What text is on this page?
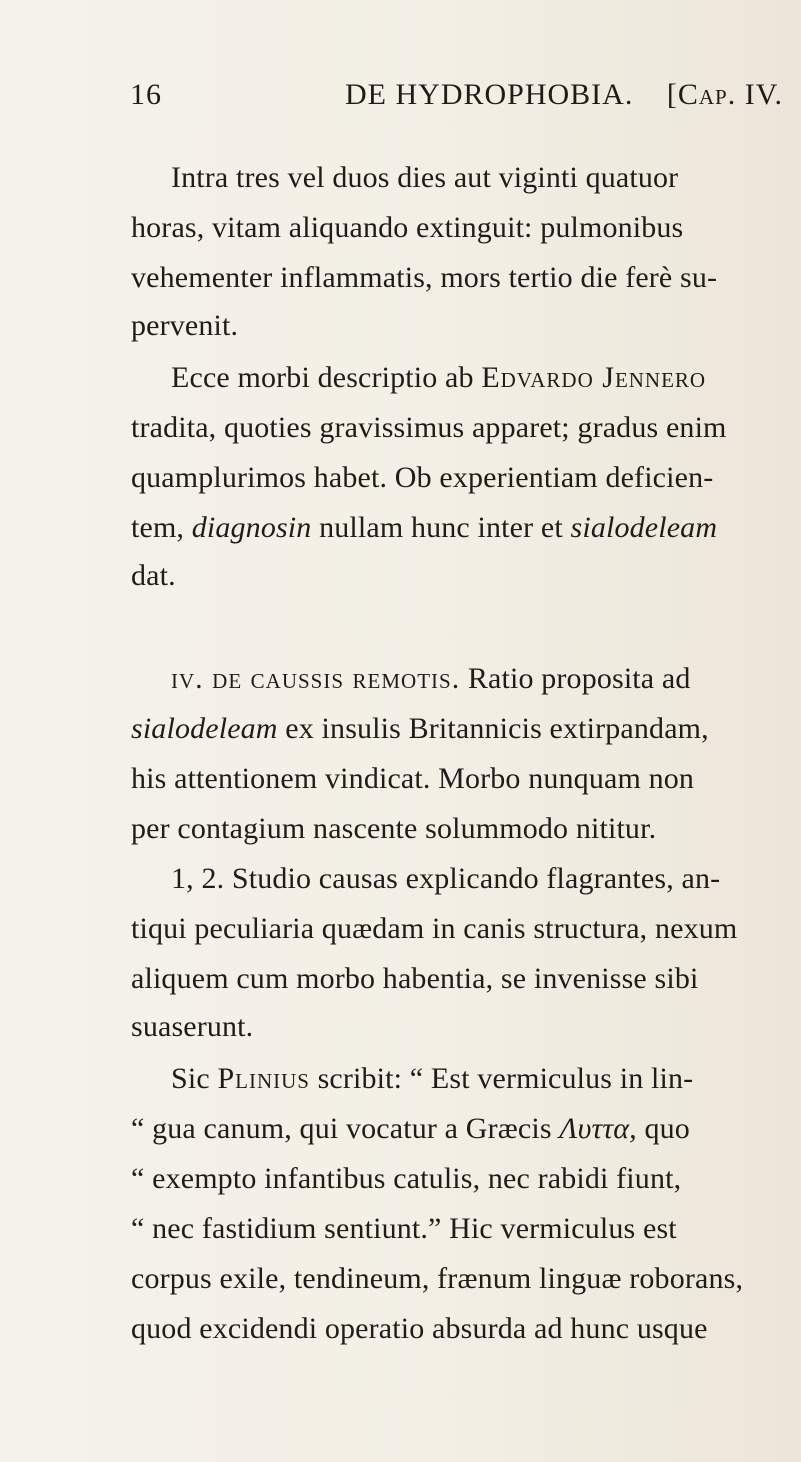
16	DE HYDROPHOBIA. [Cap. IV.
Intra tres vel duos dies aut viginti quatuor
horas, vitam aliquando extinguit: pulmonibus
vehementer inflammatis, mors tertio die ferè su-
pervenit.
Ecce morbi descriptio ab Edvardo Jennero
tradita, quoties gravissimus apparet; gradus enim
quamplurimos habet. Ob experientiam deficien-
tem, diagnosin nullam hunc inter et sialodeleam
dat.
iv. de caussis remotis. Ratio proposita ad
sialodeleam ex insulis Britannicis extirpandam,
his attentionem vindicat. Morbo nunquam non
per contagium nascente solummodo nititur.
1, 2. Studio causas explicando flagrantes, an-
tiqui peculiaria quædam in canis structura, nexum
aliquem cum morbo habentia, se invenisse sibi
suaserunt.
Sic Plinius scribit: “ Est vermiculus in lin-
“ gua canum, qui vocatur a Græcis Λυττα, quo
“ exempto infantibus catulis, nec rabidi fiunt,
“ nec fastidium sentiunt.” Hic vermiculus est
corpus exile, tendineum, frænum linguæ roborans,
quod excidendi operatio absurda ad hunc usque
